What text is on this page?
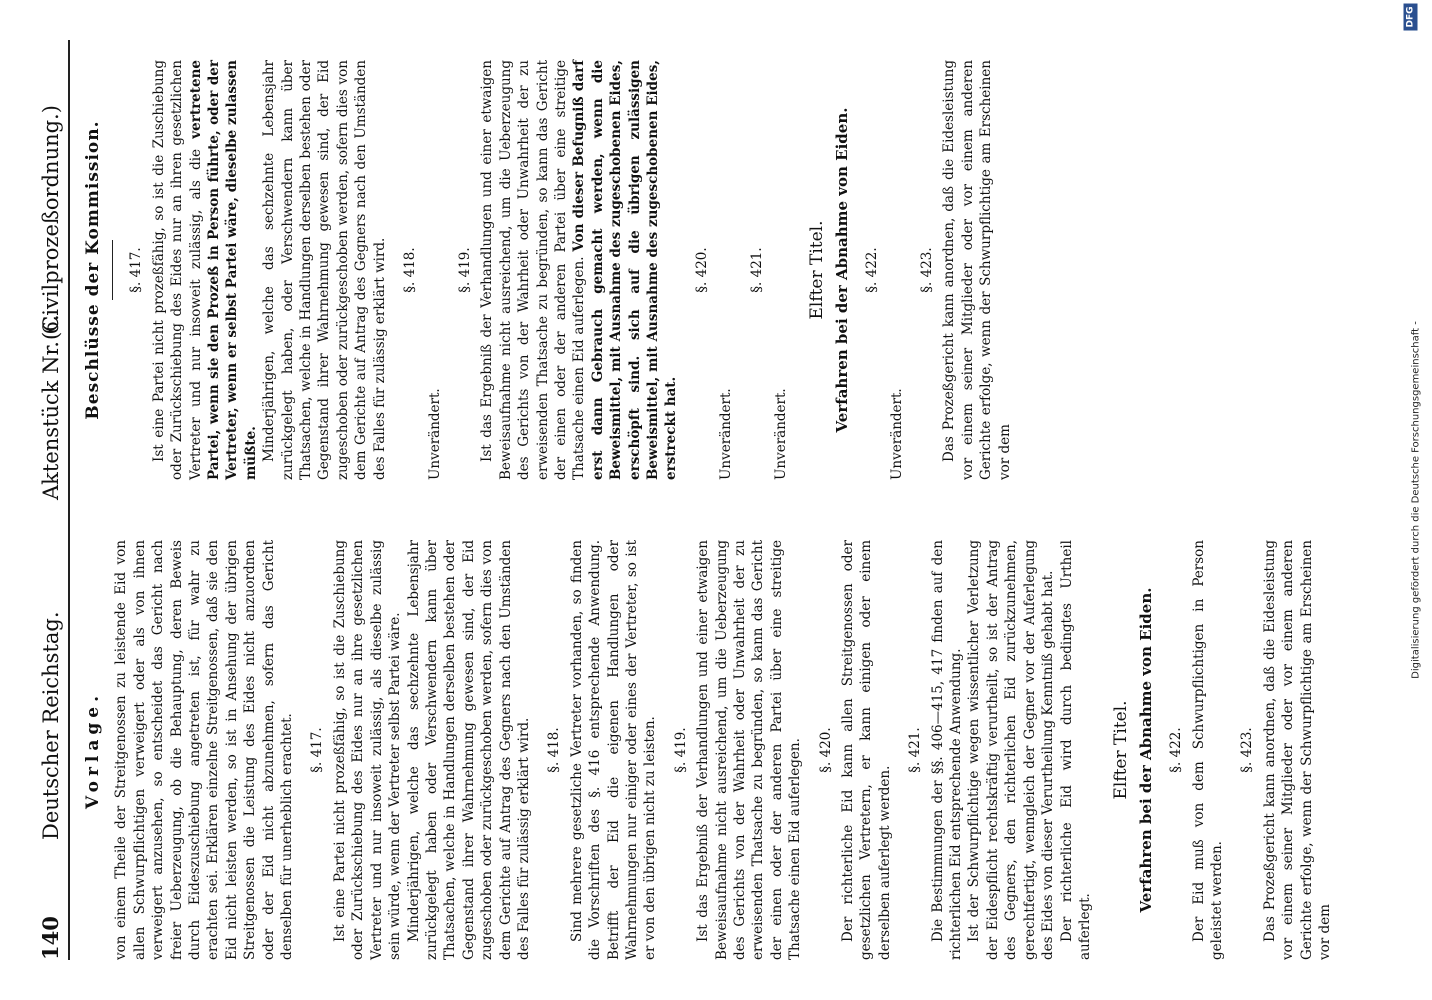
140
Deutscher Reichstag.
Aktenstück Nr. 6.
(Civilprozeßordnung.)
Vorlage. von einem Theile der Streitgenossen zu leistende Eid von allen Schwurpflichtigen verweigert oder als von ihnen verweigert anzusehen, so entscheidet das Gericht nach freier Ueberzeugung, ob die Behauptung, deren Beweis durch Eideszuschiebung angetreten ist, für wahr zu erachten sei. Erklären einzelne Streitgenossen, daß sie den Eid nicht leisten werden, so ist in Ansehung der übrigen Streitgenossen die Leistung des Eides nicht anzuordnen oder der Eid nicht abzunehmen, sofern das Gericht denselben für unerheblich erachtet. §. 417. Ist eine Partei nicht prozeßfähig, so ist die Zuschiebung oder Zurückschiebung des Eides nur an ihre gesetzlichen Vertreter und nur insoweit zulässig, als dieselbe zulässig sein würde, wenn der Vertreter selbst Partei wäre. Minderjährigen, welche das sechzehnte Lebensjahr zurückgelegt haben oder Verschwendern kann über Thatsachen, welche in Handlungen derselben bestehen oder Gegenstand ihrer Wahrnehmung gewesen sind, der Eid zugeschoben oder zurückgeschoben werden, sofern dies von dem Gerichte auf Antrag des Gegners nach den Umständen des Falles für zulässig erklärt wird. §. 418. Sind mehrere gesetzliche Vertreter vorhanden, so finden die Vorschriften des §. 416 entsprechende Anwendung. Betrifft der Eid die eigenen Handlungen oder Wahrnehmungen nur einiger oder eines der Vertreter, so ist er von den übrigen nicht zu leisten. §. 419. Ist das Ergebniß der Verhandlungen und einer etwaigen Beweisaufnahme nicht ausreichend, um die Ueberzeugung des Gerichts von der Wahrheit oder Unwahrheit der zu erweisenden Thatsache zu begründen, so kann das Gericht der einen oder der anderen Partei über eine streitige Thatsache einen Eid auferlegen. §. 420. Der richterliche Eid kann allen Streitgenossen oder gesetzlichen Vertretern, er kann einigen oder einem derselben auferlegt werden.

§. 421. Die Bestimmungen der §§. 406—415, 417 finden auf den richterlichen Eid entsprechende Anwendung. Ist der Schwurpflichtige wegen wissentlicher Verletzung der Eidespflicht rechtskräftig verurtheilt, so ist der Antrag des Gegners, den richterlichen Eid zurückzunehmen, gerechtfertigt, wenngleich der Gegner vor der Auferlegung des Eides von dieser Verurtheilung Kenntniß gehabt hat. Der richterliche Eid wird durch bedingtes Urtheil auferlegt.

Elfter Titel. Verfahren bei der Abnahme von Eiden. §. 422. Der Eid muß von dem Schwurpflichtigen in Person geleistet werden.

§. 423. Das Prozeßgericht kann anordnen, daß die Eidesleistung vor einem seiner Mitglieder oder vor einem anderen Gerichte erfolge, wenn der Schwurpflichtige am Erscheinen vor dem

Beschlüsse der Kommission. §. 417. Ist eine Partei nicht prozeßfähig, so ist die Zuschiebung oder Zurückschiebung des Eides nur an ihren gesetzlichen Vertreter und nur insoweit zulässig, als die vertretene Partei, wenn sie den Prozeß in Person führte, oder der Vertreter, wenn er selbst Partei wäre, dieselbe zulassen müßte. Minderjährigen, welche das sechzehnte Lebensjahr zurückgelegt haben, oder Verschwendern kann über Thatsachen, welche in Handlungen derselben bestehen oder Gegenstand ihrer Wahrnehmung gewesen sind, der Eid zugeschoben oder zurückgeschoben werden, sofern dies von dem Gerichte auf Antrag des Gegners nach den Umständen des Falles für zulässig erklärt wird. §. 418.

Unverändert.

§. 419. Ist das Ergebniß der Verhandlungen und einer etwaigen Beweisaufnahme nicht ausreichend, um die Ueberzeugung des Gerichts von der Wahrheit oder Unwahrheit der zu erweisenden Thatsache zu begründen, so kann das Gericht der einen oder der anderen Partei über eine streitige Thatsache einen Eid auferlegen. Von dieser Befugniß darf erst dann Gebrauch gemacht werden, wenn die Beweismittel, mit Ausnahme des zugeschobenen Eides, erschöpft sind. sich auf die übrigen zulässigen Beweismittel, mit Ausnahme des zugeschobenen Eides, erstreckt hat.

§. 420.

Unverändert.

§. 421.

Unverändert.

Elfter Titel. Verfahren bei der Abnahme von Eiden. §. 422.

Unverändert.

§. 423. Das Prozeßgericht kann anordnen, daß die Eidesleistung vor einem seiner Mitglieder oder vor einem anderen Gerichte erfolge, wenn der Schwurpflichtige am Erscheinen vor dem	Digitalisierung gefördert durch die Deutsche Forschungsgemeinschaft -
DFG
